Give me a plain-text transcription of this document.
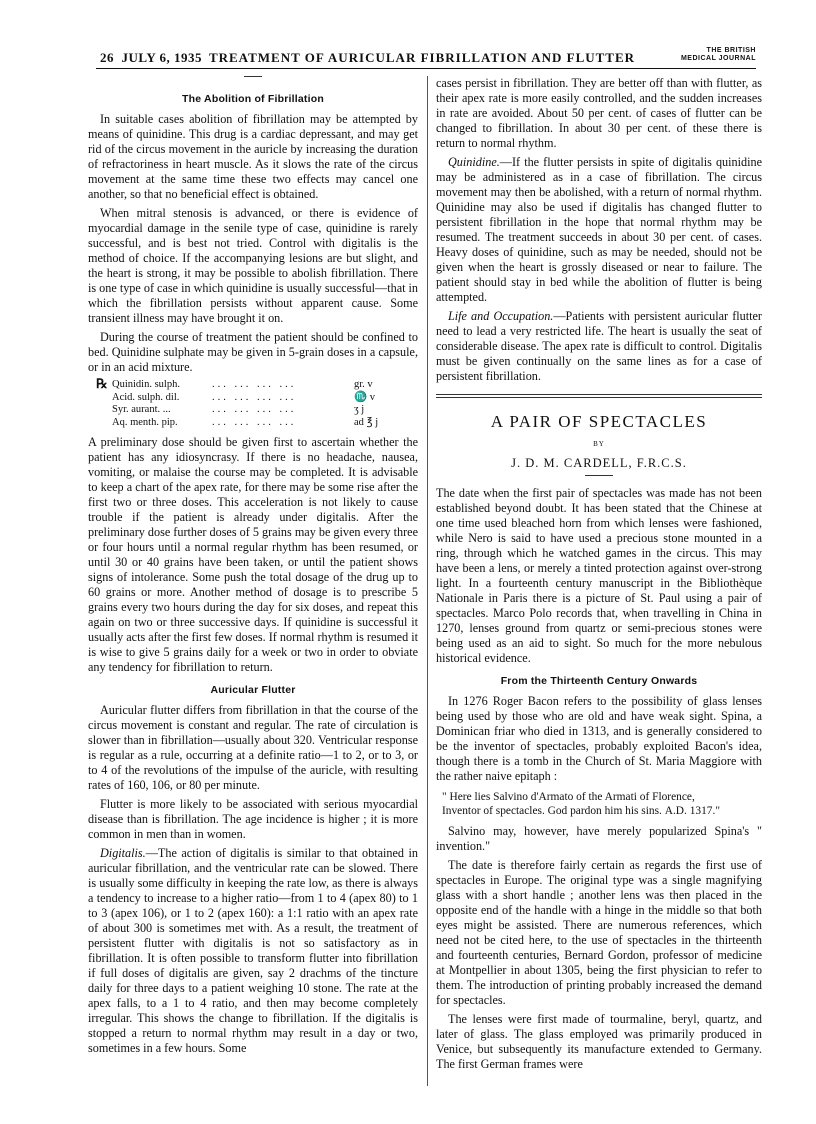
26 JULY 6, 1935 TREATMENT OF AURICULAR FIBRILLATION AND FLUTTER	THE BRITISH
MEDICAL JOURNAL
The Abolition of Fibrillation

In suitable cases abolition of fibrillation may be attempted by means of quinidine. This drug is a cardiac depressant, and may get rid of the circus movement in the auricle by increasing the duration of refractoriness in heart muscle. As it slows the rate of the circus movement at the same time these two effects may cancel one another, so that no beneficial effect is obtained.

When mitral stenosis is advanced, or there is evidence of myocardial damage in the senile type of case, quinidine is rarely successful, and is best not tried. Control with digitalis is the method of choice. If the accompanying lesions are but slight, and the heart is strong, it may be possible to abolish fibrillation. There is one type of case in which quinidine is usually successful—that in which the fibrillation persists without apparent cause. Some transient illness may have brought it on.

During the course of treatment the patient should be confined to bed. Quinidine sulphate may be given in 5-grain doses in a capsule, or in an acid mixture.

℞ Quinidin. sulph.	... ... ... ...	gr. v
Acid. sulph. dil.	... ... ... ...	♏ v
Syr. aurant. ...	... ... ... ...	ʒ j
Aq. menth. pip.	... ... ... ...	ad ℥ j

A preliminary dose should be given first to ascertain whether the patient has any idiosyncrasy. If there is no headache, nausea, vomiting, or malaise the course may be completed. It is advisable to keep a chart of the apex rate, for there may be some rise after the first two or three doses. This acceleration is not likely to cause trouble if the patient is already under digitalis. After the preliminary dose further doses of 5 grains may be given every three or four hours until a normal regular rhythm has been resumed, or until 30 or 40 grains have been taken, or until the patient shows signs of intolerance. Some push the total dosage of the drug up to 60 grains or more. Another method of dosage is to prescribe 5 grains every two hours during the day for six doses, and repeat this again on two or three successive days. If quinidine is successful it usually acts after the first few doses. If normal rhythm is resumed it is wise to give 5 grains daily for a week or two in order to obviate any tendency for fibrillation to return.

Auricular Flutter

Auricular flutter differs from fibrillation in that the course of the circus movement is constant and regular. The rate of circulation is slower than in fibrillation—usually about 320. Ventricular response is regular as a rule, occurring at a definite ratio—1 to 2, or to 3, or to 4 of the revolutions of the impulse of the auricle, with resulting rates of 160, 106, or 80 per minute.

Flutter is more likely to be associated with serious myocardial disease than is fibrillation. The age incidence is higher ; it is more common in men than in women.

Digitalis.—The action of digitalis is similar to that obtained in auricular fibrillation, and the ventricular rate can be slowed. There is usually some difficulty in keeping the rate low, as there is always a tendency to increase to a higher ratio—from 1 to 4 (apex 80) to 1 to 3 (apex 106), or 1 to 2 (apex 160): a 1:1 ratio with an apex rate of about 300 is sometimes met with. As a result, the treatment of persistent flutter with digitalis is not so satisfactory as in fibrillation. It is often possible to transform flutter into fibrillation if full doses of digitalis are given, say 2 drachms of the tincture daily for three days to a patient weighing 10 stone. The rate at the apex falls, to a 1 to 4 ratio, and then may become completely irregular. This shows the change to fibrillation. If the digitalis is stopped a return to normal rhythm may result in a day or two, sometimes in a few hours. Some

cases persist in fibrillation. They are better off than with flutter, as their apex rate is more easily controlled, and the sudden increases in rate are avoided. About 50 per cent. of cases of flutter can be changed to fibrillation. In about 30 per cent. of these there is return to normal rhythm.

Quinidine.—If the flutter persists in spite of digitalis quinidine may be administered as in a case of fibrillation. The circus movement may then be abolished, with a return of normal rhythm. Quinidine may also be used if digitalis has changed flutter to persistent fibrillation in the hope that normal rhythm may be resumed. The treatment succeeds in about 30 per cent. of cases. Heavy doses of quinidine, such as may be needed, should not be given when the heart is grossly diseased or near to failure. The patient should stay in bed while the abolition of flutter is being attempted.

Life and Occupation.—Patients with persistent auricular flutter need to lead a very restricted life. The heart is usually the seat of considerable disease. The apex rate is difficult to control. Digitalis must be given continually on the same lines as for a case of persistent fibrillation.

A PAIR OF SPECTACLES
BY
J. D. M. CARDELL, F.R.C.S.

The date when the first pair of spectacles was made has not been established beyond doubt. It has been stated that the Chinese at one time used bleached horn from which lenses were fashioned, while Nero is said to have used a precious stone mounted in a ring, through which he watched games in the circus. This may have been a lens, or merely a tinted protection against over-strong light. In a fourteenth century manuscript in the Bibliothèque Nationale in Paris there is a picture of St. Paul using a pair of spectacles. Marco Polo records that, when travelling in China in 1270, lenses ground from quartz or semi-precious stones were being used as an aid to sight. So much for the more nebulous historical evidence.

From the Thirteenth Century Onwards

In 1276 Roger Bacon refers to the possibility of glass lenses being used by those who are old and have weak sight. Spina, a Dominican friar who died in 1313, and is generally considered to be the inventor of spectacles, probably exploited Bacon's idea, though there is a tomb in the Church of St. Maria Maggiore with the rather naive epitaph :

" Here lies Salvino d'Armato of the Armati of Florence,
Inventor of spectacles. God pardon him his sins. A.D. 1317."

Salvino may, however, have merely popularized Spina's " invention."

The date is therefore fairly certain as regards the first use of spectacles in Europe. The original type was a single magnifying glass with a short handle ; another lens was then placed in the opposite end of the handle with a hinge in the middle so that both eyes might be assisted. There are numerous references, which need not be cited here, to the use of spectacles in the thirteenth and fourteenth centuries, Bernard Gordon, professor of medicine at Montpellier in about 1305, being the first physician to refer to them. The introduction of printing probably increased the demand for spectacles.

The lenses were first made of tourmaline, beryl, quartz, and later of glass. The glass employed was primarily produced in Venice, but subsequently its manufacture extended to Germany. The first German frames were
